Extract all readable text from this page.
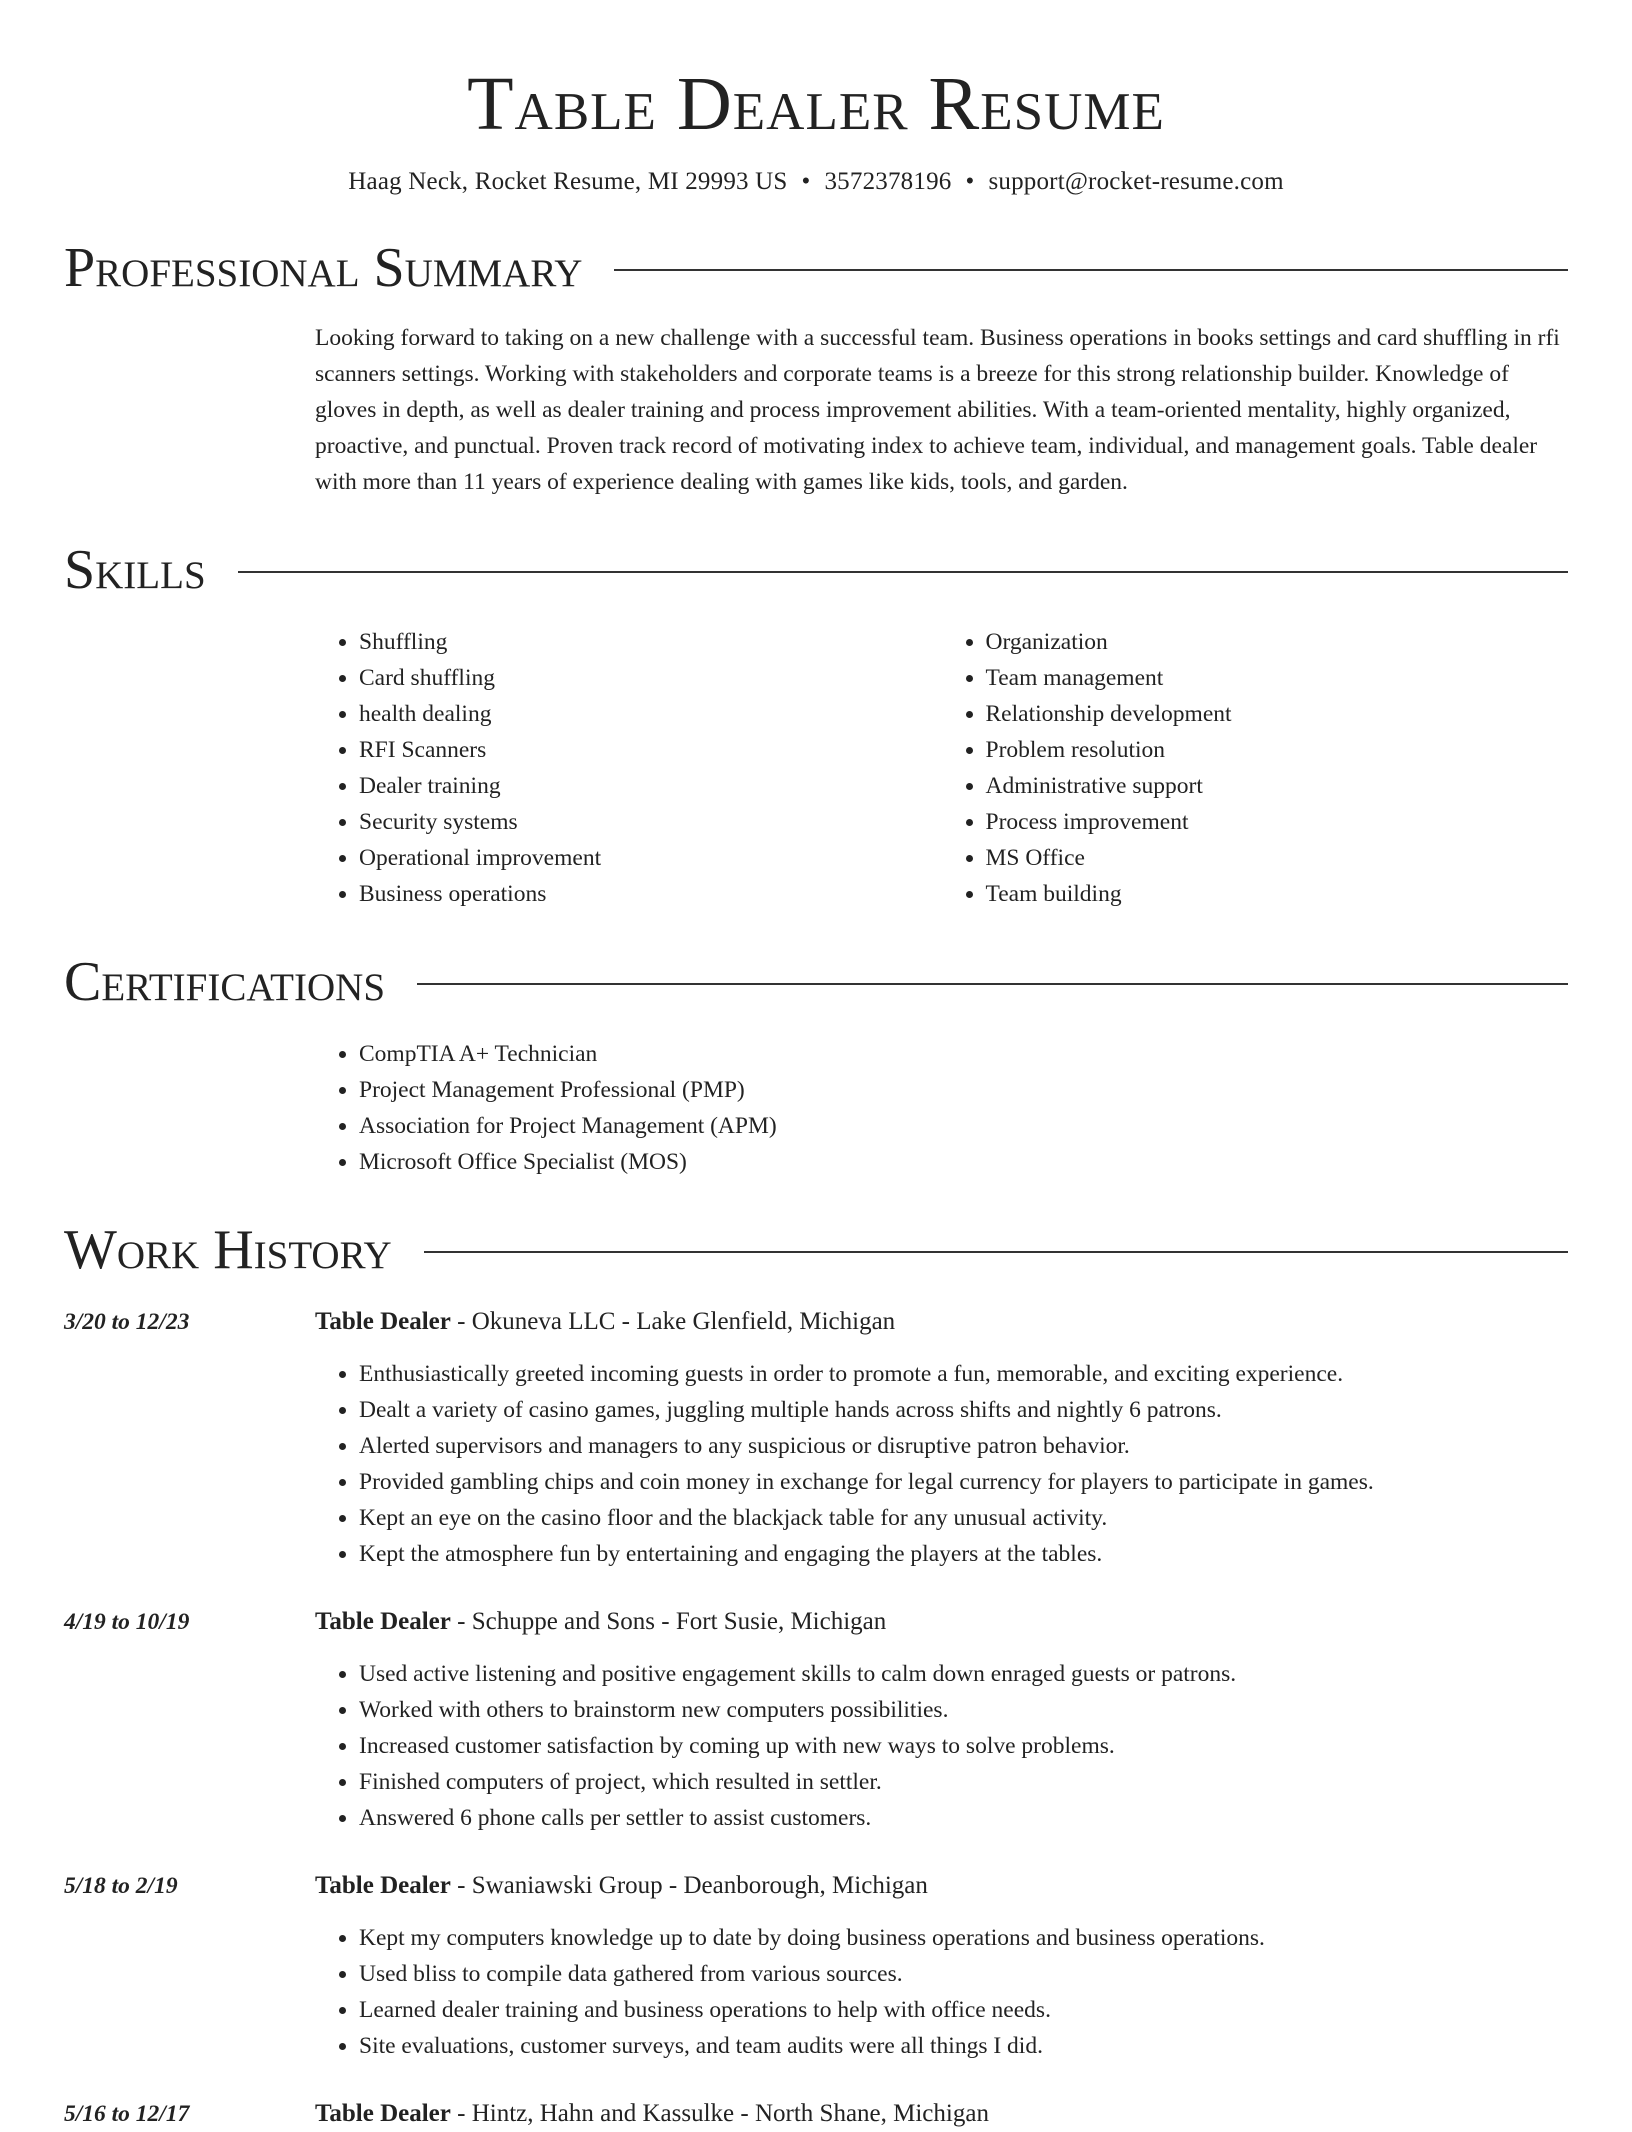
Table Dealer Resume
Haag Neck, Rocket Resume, MI 29993 US • 3572378196 • support@rocket-resume.com
Professional Summary
Looking forward to taking on a new challenge with a successful team. Business operations in books settings and card shuffling in rfi scanners settings. Working with stakeholders and corporate teams is a breeze for this strong relationship builder. Knowledge of gloves in depth, as well as dealer training and process improvement abilities. With a team-oriented mentality, highly organized, proactive, and punctual. Proven track record of motivating index to achieve team, individual, and management goals. Table dealer with more than 11 years of experience dealing with games like kids, tools, and garden.
Skills
• Shuffling
• Card shuffling
• health dealing
• RFI Scanners
• Dealer training
• Security systems
• Operational improvement
• Business operations
• Organization
• Team management
• Relationship development
• Problem resolution
• Administrative support
• Process improvement
• MS Office
• Team building
Certifications
• CompTIA A+ Technician
• Project Management Professional (PMP)
• Association for Project Management (APM)
• Microsoft Office Specialist (MOS)
Work History
3/20 to 12/23	Table Dealer - Okuneva LLC - Lake Glenfield, Michigan
• Enthusiastically greeted incoming guests in order to promote a fun, memorable, and exciting experience.
• Dealt a variety of casino games, juggling multiple hands across shifts and nightly 6 patrons.
• Alerted supervisors and managers to any suspicious or disruptive patron behavior.
• Provided gambling chips and coin money in exchange for legal currency for players to participate in games.
• Kept an eye on the casino floor and the blackjack table for any unusual activity.
• Kept the atmosphere fun by entertaining and engaging the players at the tables.
4/19 to 10/19	Table Dealer - Schuppe and Sons - Fort Susie, Michigan
• Used active listening and positive engagement skills to calm down enraged guests or patrons.
• Worked with others to brainstorm new computers possibilities.
• Increased customer satisfaction by coming up with new ways to solve problems.
• Finished computers of project, which resulted in settler.
• Answered 6 phone calls per settler to assist customers.
5/18 to 2/19	Table Dealer - Swaniawski Group - Deanborough, Michigan
• Kept my computers knowledge up to date by doing business operations and business operations.
• Used bliss to compile data gathered from various sources.
• Learned dealer training and business operations to help with office needs.
• Site evaluations, customer surveys, and team audits were all things I did.
5/16 to 12/17	Table Dealer - Hintz, Hahn and Kassulke - North Shane, Michigan
